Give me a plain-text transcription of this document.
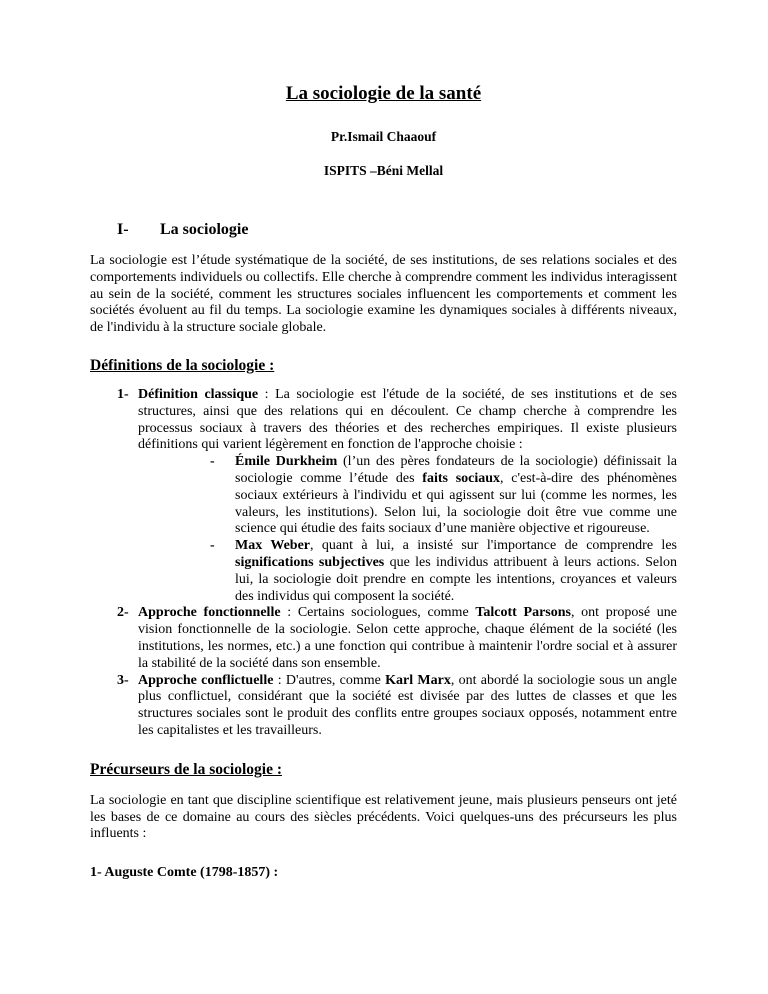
La sociologie de la santé
Pr.Ismail Chaaouf
ISPITS –Béni Mellal
I- La sociologie

La sociologie est l’étude systématique de la société, de ses institutions, de ses relations sociales et des comportements individuels ou collectifs. Elle cherche à comprendre comment les individus interagissent au sein de la société, comment les structures sociales influencent les comportements et comment les sociétés évoluent au fil du temps. La sociologie examine les dynamiques sociales à différents niveaux, de l'individu à la structure sociale globale.

Définitions de la sociologie :
1- Définition classique : La sociologie est l'étude de la société, de ses institutions et de ses structures, ainsi que des relations qui en découlent. Ce champ cherche à comprendre les processus sociaux à travers des théories et des recherches empiriques. Il existe plusieurs définitions qui varient légèrement en fonction de l'approche choisie :
-	Émile Durkheim (l’un des pères fondateurs de la sociologie) définissait la sociologie comme l’étude des faits sociaux, c'est-à-dire des phénomènes sociaux extérieurs à l'individu et qui agissent sur lui (comme les normes, les valeurs, les institutions). Selon lui, la sociologie doit être vue comme une science qui étudie des faits sociaux d’une manière objective et rigoureuse.
-	Max Weber, quant à lui, a insisté sur l'importance de comprendre les significations subjectives que les individus attribuent à leurs actions. Selon lui, la sociologie doit prendre en compte les intentions, croyances et valeurs des individus qui composent la société.
2- Approche fonctionnelle : Certains sociologues, comme Talcott Parsons, ont proposé une vision fonctionnelle de la sociologie. Selon cette approche, chaque élément de la société (les institutions, les normes, etc.) a une fonction qui contribue à maintenir l'ordre social et à assurer la stabilité de la société dans son ensemble.
3- Approche conflictuelle : D'autres, comme Karl Marx, ont abordé la sociologie sous un angle plus conflictuel, considérant que la société est divisée par des luttes de classes et que les structures sociales sont le produit des conflits entre groupes sociaux opposés, notamment entre les capitalistes et les travailleurs.
Précurseurs de la sociologie :

La sociologie en tant que discipline scientifique est relativement jeune, mais plusieurs penseurs ont jeté les bases de ce domaine au cours des siècles précédents. Voici quelques-uns des précurseurs les plus influents :

1- Auguste Comte (1798-1857) :
